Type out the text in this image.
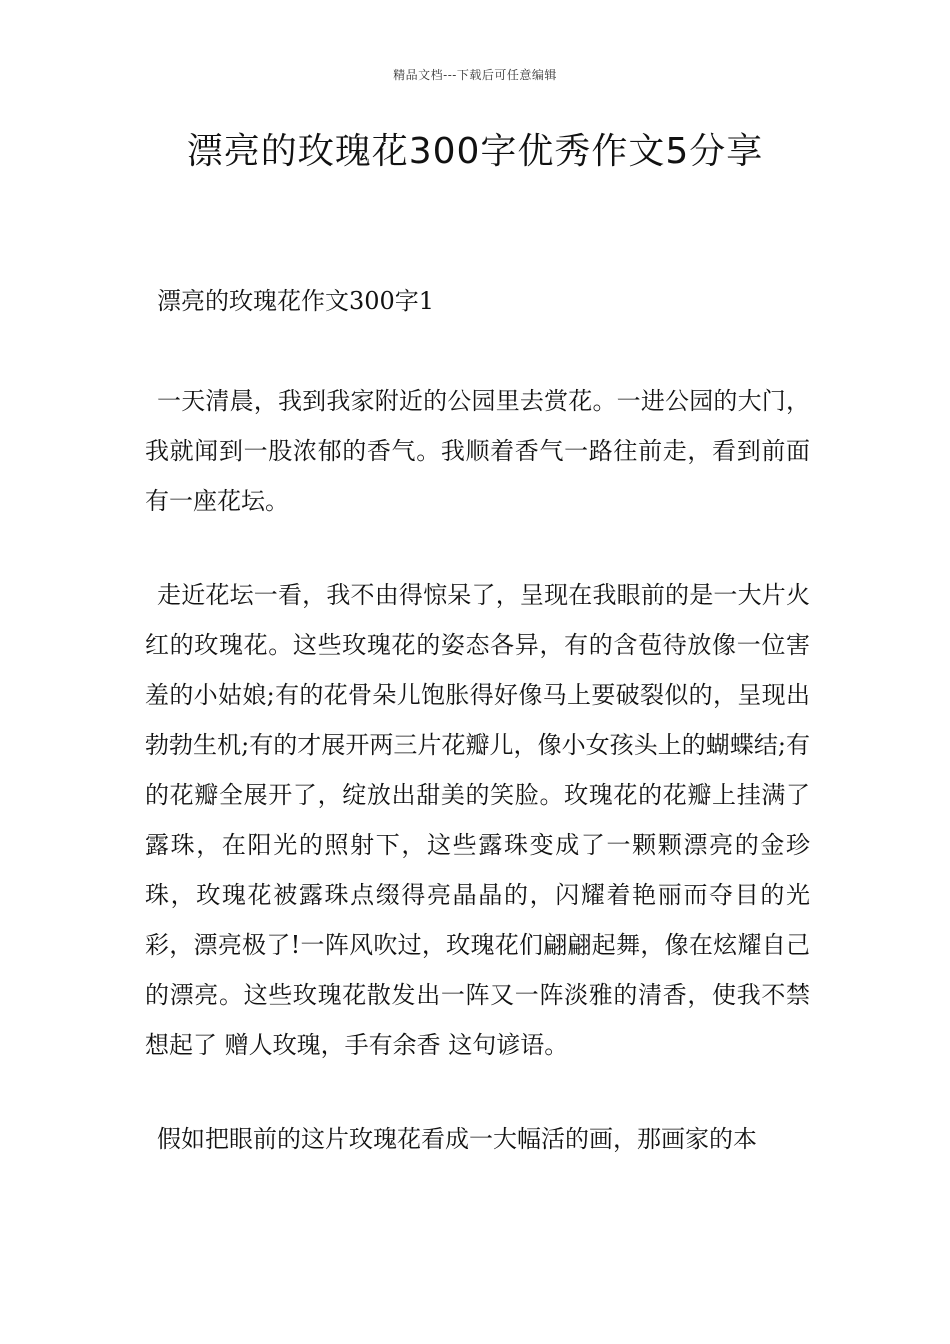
精品文档---下载后可任意编辑
漂亮的玫瑰花300字优秀作文5分享

漂亮的玫瑰花作文300字1

一天清晨，我到我家附近的公园里去赏花。一进公园的大门，我就闻到一股浓郁的香气。我顺着香气一路往前走，看到前面有一座花坛。

走近花坛一看，我不由得惊呆了，呈现在我眼前的是一大片火红的玫瑰花。这些玫瑰花的姿态各异，有的含苞待放像一位害羞的小姑娘;有的花骨朵儿饱胀得好像马上要破裂似的，呈现出勃勃生机;有的才展开两三片花瓣儿，像小女孩头上的蝴蝶结;有的花瓣全展开了，绽放出甜美的笑脸。玫瑰花的花瓣上挂满了露珠，在阳光的照射下，这些露珠变成了一颗颗漂亮的金珍珠，玫瑰花被露珠点缀得亮晶晶的，闪耀着艳丽而夺目的光彩，漂亮极了!一阵风吹过，玫瑰花们翩翩起舞，像在炫耀自己的漂亮。这些玫瑰花散发出一阵又一阵淡雅的清香，使我不禁想起了 赠人玫瑰，手有余香 这句谚语。

假如把眼前的这片玫瑰花看成一大幅活的画，那画家的本
